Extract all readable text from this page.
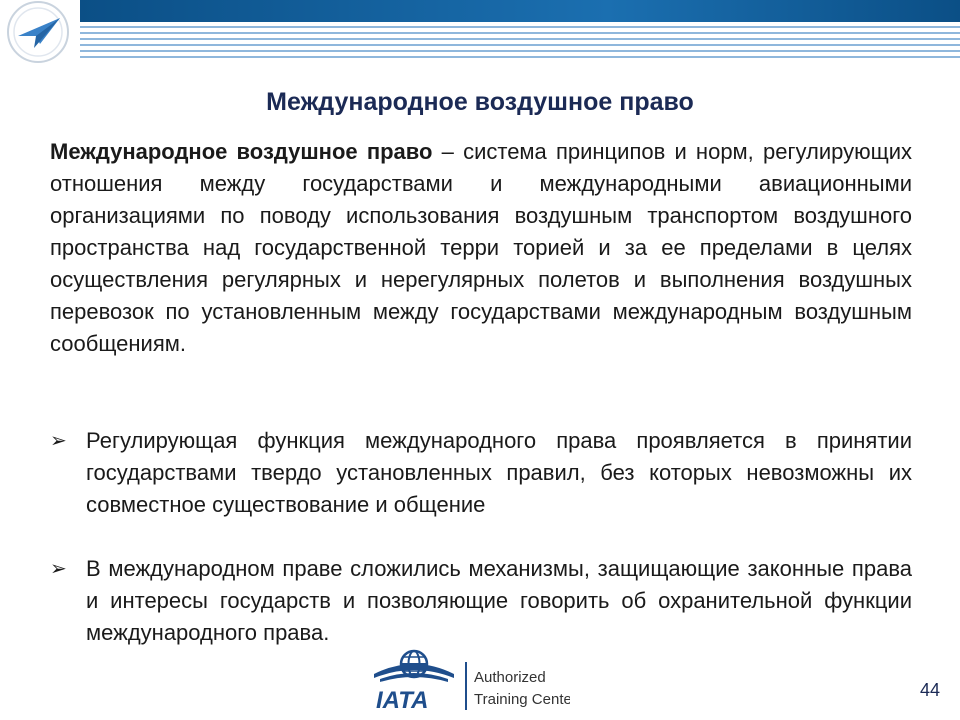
Международное воздушное право
Международное воздушное право – система принципов и норм, регулирующих отношения между государствами и международными авиационными организациями по поводу использования воздушным транспортом воздушного пространства над государственной терри торией и за ее пределами в целях осуществления регулярных и нерегулярных полетов и выполнения воздушных перевозок по установленным между государствами международным воздушным сообщениям.
➢ Регулирующая функция международного права проявляется в принятии государствами твердо установленных правил, без которых невозможны их совместное существование и общение
➢ В международном праве сложились механизмы, защищающие законные права и интересы государств и позволяющие говорить об охранительной функции международного права.
IATA
Authorized
Training Center	44
